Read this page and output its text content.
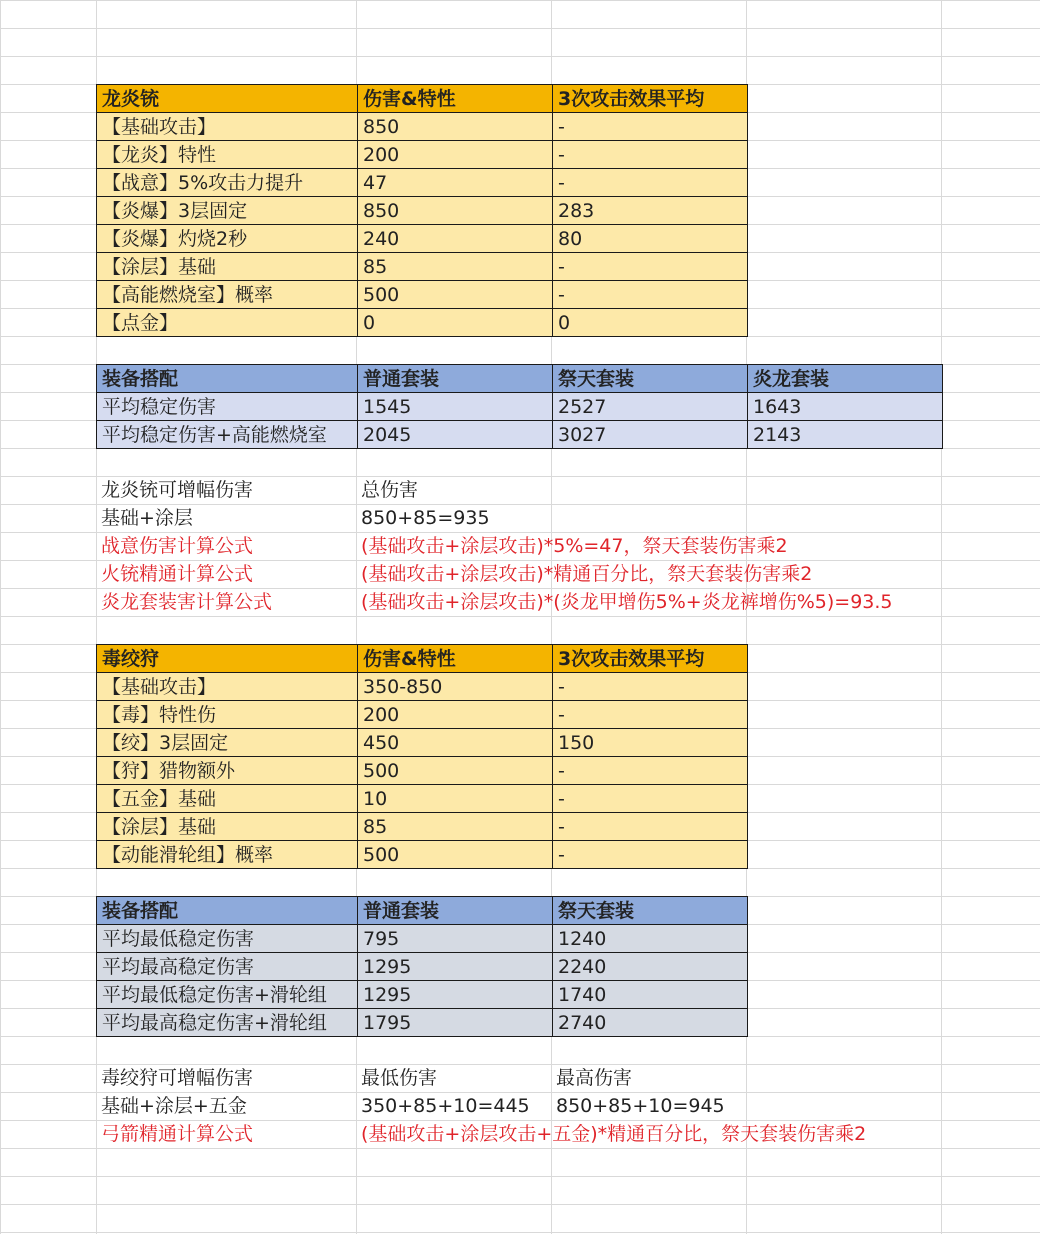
龙炎铳	伤害&特性	3次攻击效果平均
【基础攻击】	850	-
【龙炎】特性	200	-
【战意】5%攻击力提升	47	-
【炎爆】3层固定	850	283
【炎爆】灼烧2秒	240	80
【涂层】基础	85	-
【高能燃烧室】概率	500	-
【点金】	0	0
装备搭配	普通套装	祭天套装	炎龙套装
平均稳定伤害	1545	2527	1643
平均稳定伤害+高能燃烧室	2045	3027	2143
龙炎铳可增幅伤害	总伤害
基础+涂层	850+85=935
战意伤害计算公式	(基础攻击+涂层攻击)*5%=47，祭天套装伤害乘2
火铳精通计算公式	(基础攻击+涂层攻击)*精通百分比，祭天套装伤害乘2
炎龙套装害计算公式	(基础攻击+涂层攻击)*(炎龙甲增伤5%+炎龙裤增伤%5)=93.5
毒绞狩	伤害&特性	3次攻击效果平均
【基础攻击】	350-850	-
【毒】特性伤	200	-
【绞】3层固定	450	150
【狩】猎物额外	500	-
【五金】基础	10	-
【涂层】基础	85	-
【动能滑轮组】概率	500	-
装备搭配	普通套装	祭天套装
平均最低稳定伤害	795	1240
平均最高稳定伤害	1295	2240
平均最低稳定伤害+滑轮组	1295	1740
平均最高稳定伤害+滑轮组	1795	2740
毒绞狩可增幅伤害	最低伤害	最高伤害
基础+涂层+五金	350+85+10=445 850+85+10=945
弓箭精通计算公式	(基础攻击+涂层攻击+五金)*精通百分比，祭天套装伤害乘2
